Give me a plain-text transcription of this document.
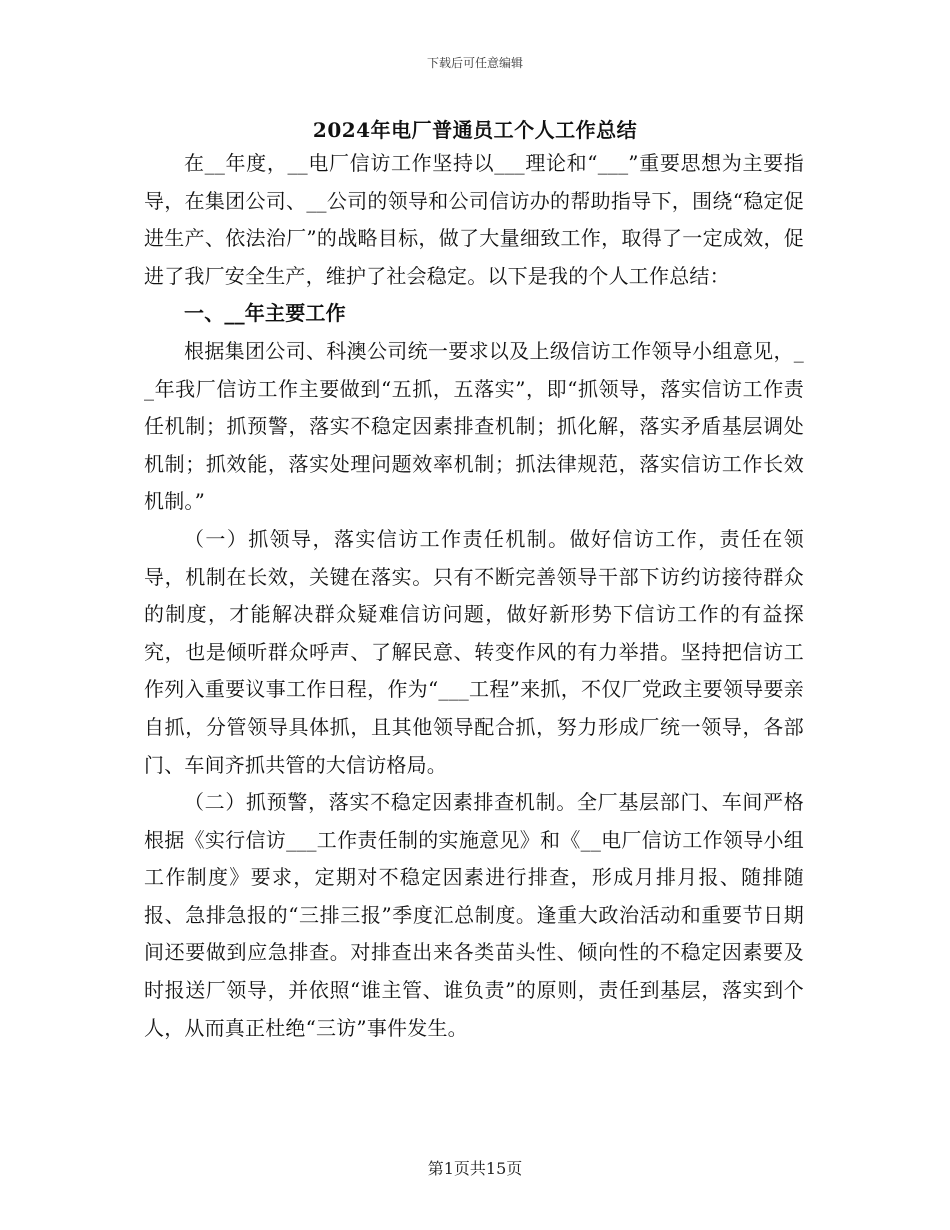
下载后可任意编辑
2024年电厂普通员工个人工作总结

在__年度，__电厂信访工作坚持以___理论和“___”重要思想为主要指导，在集团公司、__公司的领导和公司信访办的帮助指导下，围绕“稳定促进生产、依法治厂”的战略目标，做了大量细致工作，取得了一定成效，促进了我厂安全生产，维护了社会稳定。以下是我的个人工作总结：

一、__年主要工作

根据集团公司、科澳公司统一要求以及上级信访工作领导小组意见，__年我厂信访工作主要做到“五抓，五落实”，即“抓领导，落实信访工作责任机制；抓预警，落实不稳定因素排查机制；抓化解，落实矛盾基层调处机制；抓效能，落实处理问题效率机制；抓法律规范，落实信访工作长效机制。”

（一）抓领导，落实信访工作责任机制。做好信访工作，责任在领导，机制在长效，关键在落实。只有不断完善领导干部下访约访接待群众的制度，才能解决群众疑难信访问题，做好新形势下信访工作的有益探究，也是倾听群众呼声、了解民意、转变作风的有力举措。坚持把信访工作列入重要议事工作日程，作为“___工程”来抓，不仅厂党政主要领导要亲自抓，分管领导具体抓，且其他领导配合抓，努力形成厂统一领导，各部门、车间齐抓共管的大信访格局。

（二）抓预警，落实不稳定因素排查机制。全厂基层部门、车间严格根据《实行信访___工作责任制的实施意见》和《__电厂信访工作领导小组工作制度》要求，定期对不稳定因素进行排查，形成月排月报、随排随报、急排急报的“三排三报”季度汇总制度。逢重大政治活动和重要节日期间还要做到应急排查。对排查出来各类苗头性、倾向性的不稳定因素要及时报送厂领导，并依照“谁主管、谁负责”的原则，责任到基层，落实到个人，从而真正杜绝“三访”事件发生。

第1页共15页
